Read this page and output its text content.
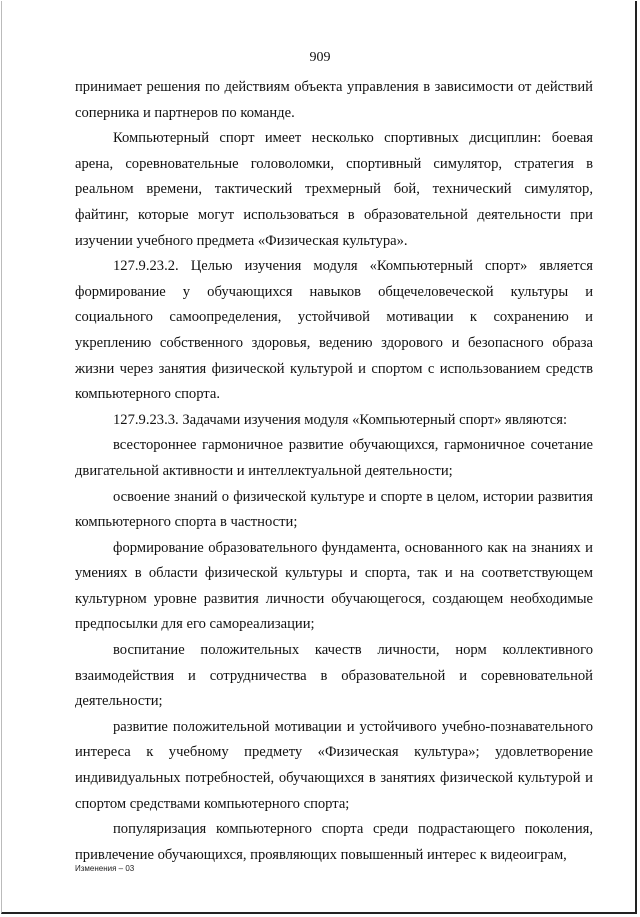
909

принимает решения по действиям объекта управления в зависимости от действий соперника и партнеров по команде.

Компьютерный спорт имеет несколько спортивных дисциплин: боевая арена, соревновательные головоломки, спортивный симулятор, стратегия в реальном времени, тактический трехмерный бой, технический симулятор, файтинг, которые могут использоваться в образовательной деятельности при изучении учебного предмета «Физическая культура».

127.9.23.2. Целью изучения модуля «Компьютерный спорт» является формирование у обучающихся навыков общечеловеческой культуры и социального самоопределения, устойчивой мотивации к сохранению и укреплению собственного здоровья, ведению здорового и безопасного образа жизни через занятия физической культурой и спортом с использованием средств компьютерного спорта.

127.9.23.3. Задачами изучения модуля «Компьютерный спорт» являются:

всестороннее гармоничное развитие обучающихся, гармоничное сочетание двигательной активности и интеллектуальной деятельности;

освоение знаний о физической культуре и спорте в целом, истории развития компьютерного спорта в частности;

формирование образовательного фундамента, основанного как на знаниях и умениях в области физической культуры и спорта, так и на соответствующем культурном уровне развития личности обучающегося, создающем необходимые предпосылки для его самореализации;

воспитание положительных качеств личности, норм коллективного взаимодействия и сотрудничества в образовательной и соревновательной деятельности;

развитие положительной мотивации и устойчивого учебно-познавательного интереса к учебному предмету «Физическая культура»; удовлетворение индивидуальных потребностей, обучающихся в занятиях физической культурой и спортом средствами компьютерного спорта;

популяризация компьютерного спорта среди подрастающего поколения, привлечение обучающихся, проявляющих повышенный интерес к видеоиграм,

Изменения – 03
